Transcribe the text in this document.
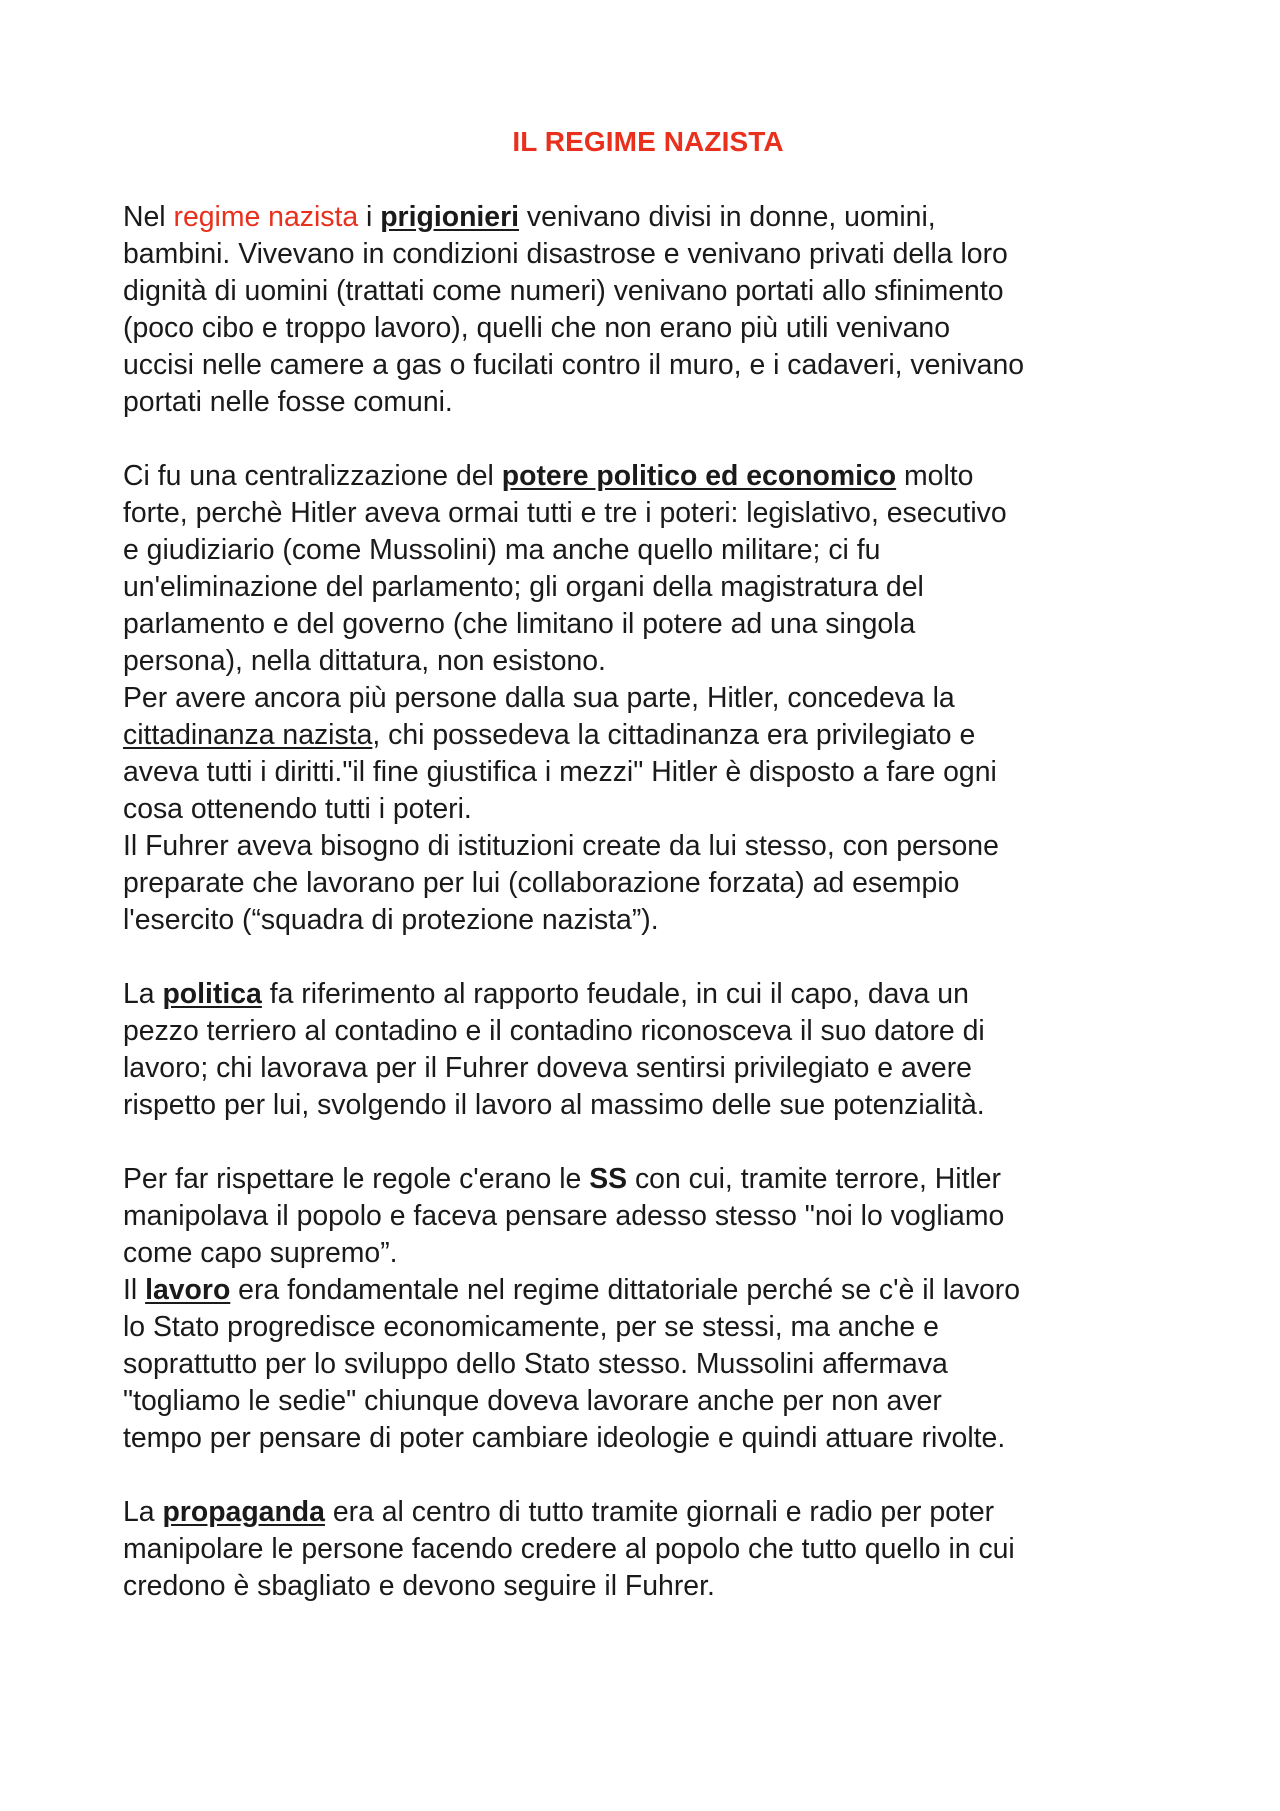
IL REGIME NAZISTA

Nel regime nazista i prigionieri venivano divisi in donne, uomini,
bambini. Vivevano in condizioni disastrose e venivano privati della loro
dignità di uomini (trattati come numeri) venivano portati allo sfinimento
(poco cibo e troppo lavoro), quelli che non erano più utili venivano
uccisi nelle camere a gas o fucilati contro il muro, e i cadaveri, venivano
portati nelle fosse comuni.

Ci fu una centralizzazione del potere politico ed economico molto
forte, perchè Hitler aveva ormai tutti e tre i poteri: legislativo, esecutivo
e giudiziario (come Mussolini) ma anche quello militare; ci fu
un'eliminazione del parlamento; gli organi della magistratura del
parlamento e del governo (che limitano il potere ad una singola
persona), nella dittatura, non esistono.
Per avere ancora più persone dalla sua parte, Hitler, concedeva la
cittadinanza nazista, chi possedeva la cittadinanza era privilegiato e
aveva tutti i diritti."il fine giustifica i mezzi" Hitler è disposto a fare ogni
cosa ottenendo tutti i poteri.
Il Fuhrer aveva bisogno di istituzioni create da lui stesso, con persone
preparate che lavorano per lui (collaborazione forzata) ad esempio
l'esercito (“squadra di protezione nazista”).

La politica fa riferimento al rapporto feudale, in cui il capo, dava un
pezzo terriero al contadino e il contadino riconosceva il suo datore di
lavoro; chi lavorava per il Fuhrer doveva sentirsi privilegiato e avere
rispetto per lui, svolgendo il lavoro al massimo delle sue potenzialità.

Per far rispettare le regole c'erano le SS con cui, tramite terrore, Hitler
manipolava il popolo e faceva pensare adesso stesso "noi lo vogliamo
come capo supremo”.
Il lavoro era fondamentale nel regime dittatoriale perché se c'è il lavoro
lo Stato progredisce economicamente, per se stessi, ma anche e
soprattutto per lo sviluppo dello Stato stesso. Mussolini affermava
"togliamo le sedie" chiunque doveva lavorare anche per non aver
tempo per pensare di poter cambiare ideologie e quindi attuare rivolte.

La propaganda era al centro di tutto tramite giornali e radio per poter
manipolare le persone facendo credere al popolo che tutto quello in cui
credono è sbagliato e devono seguire il Fuhrer.
